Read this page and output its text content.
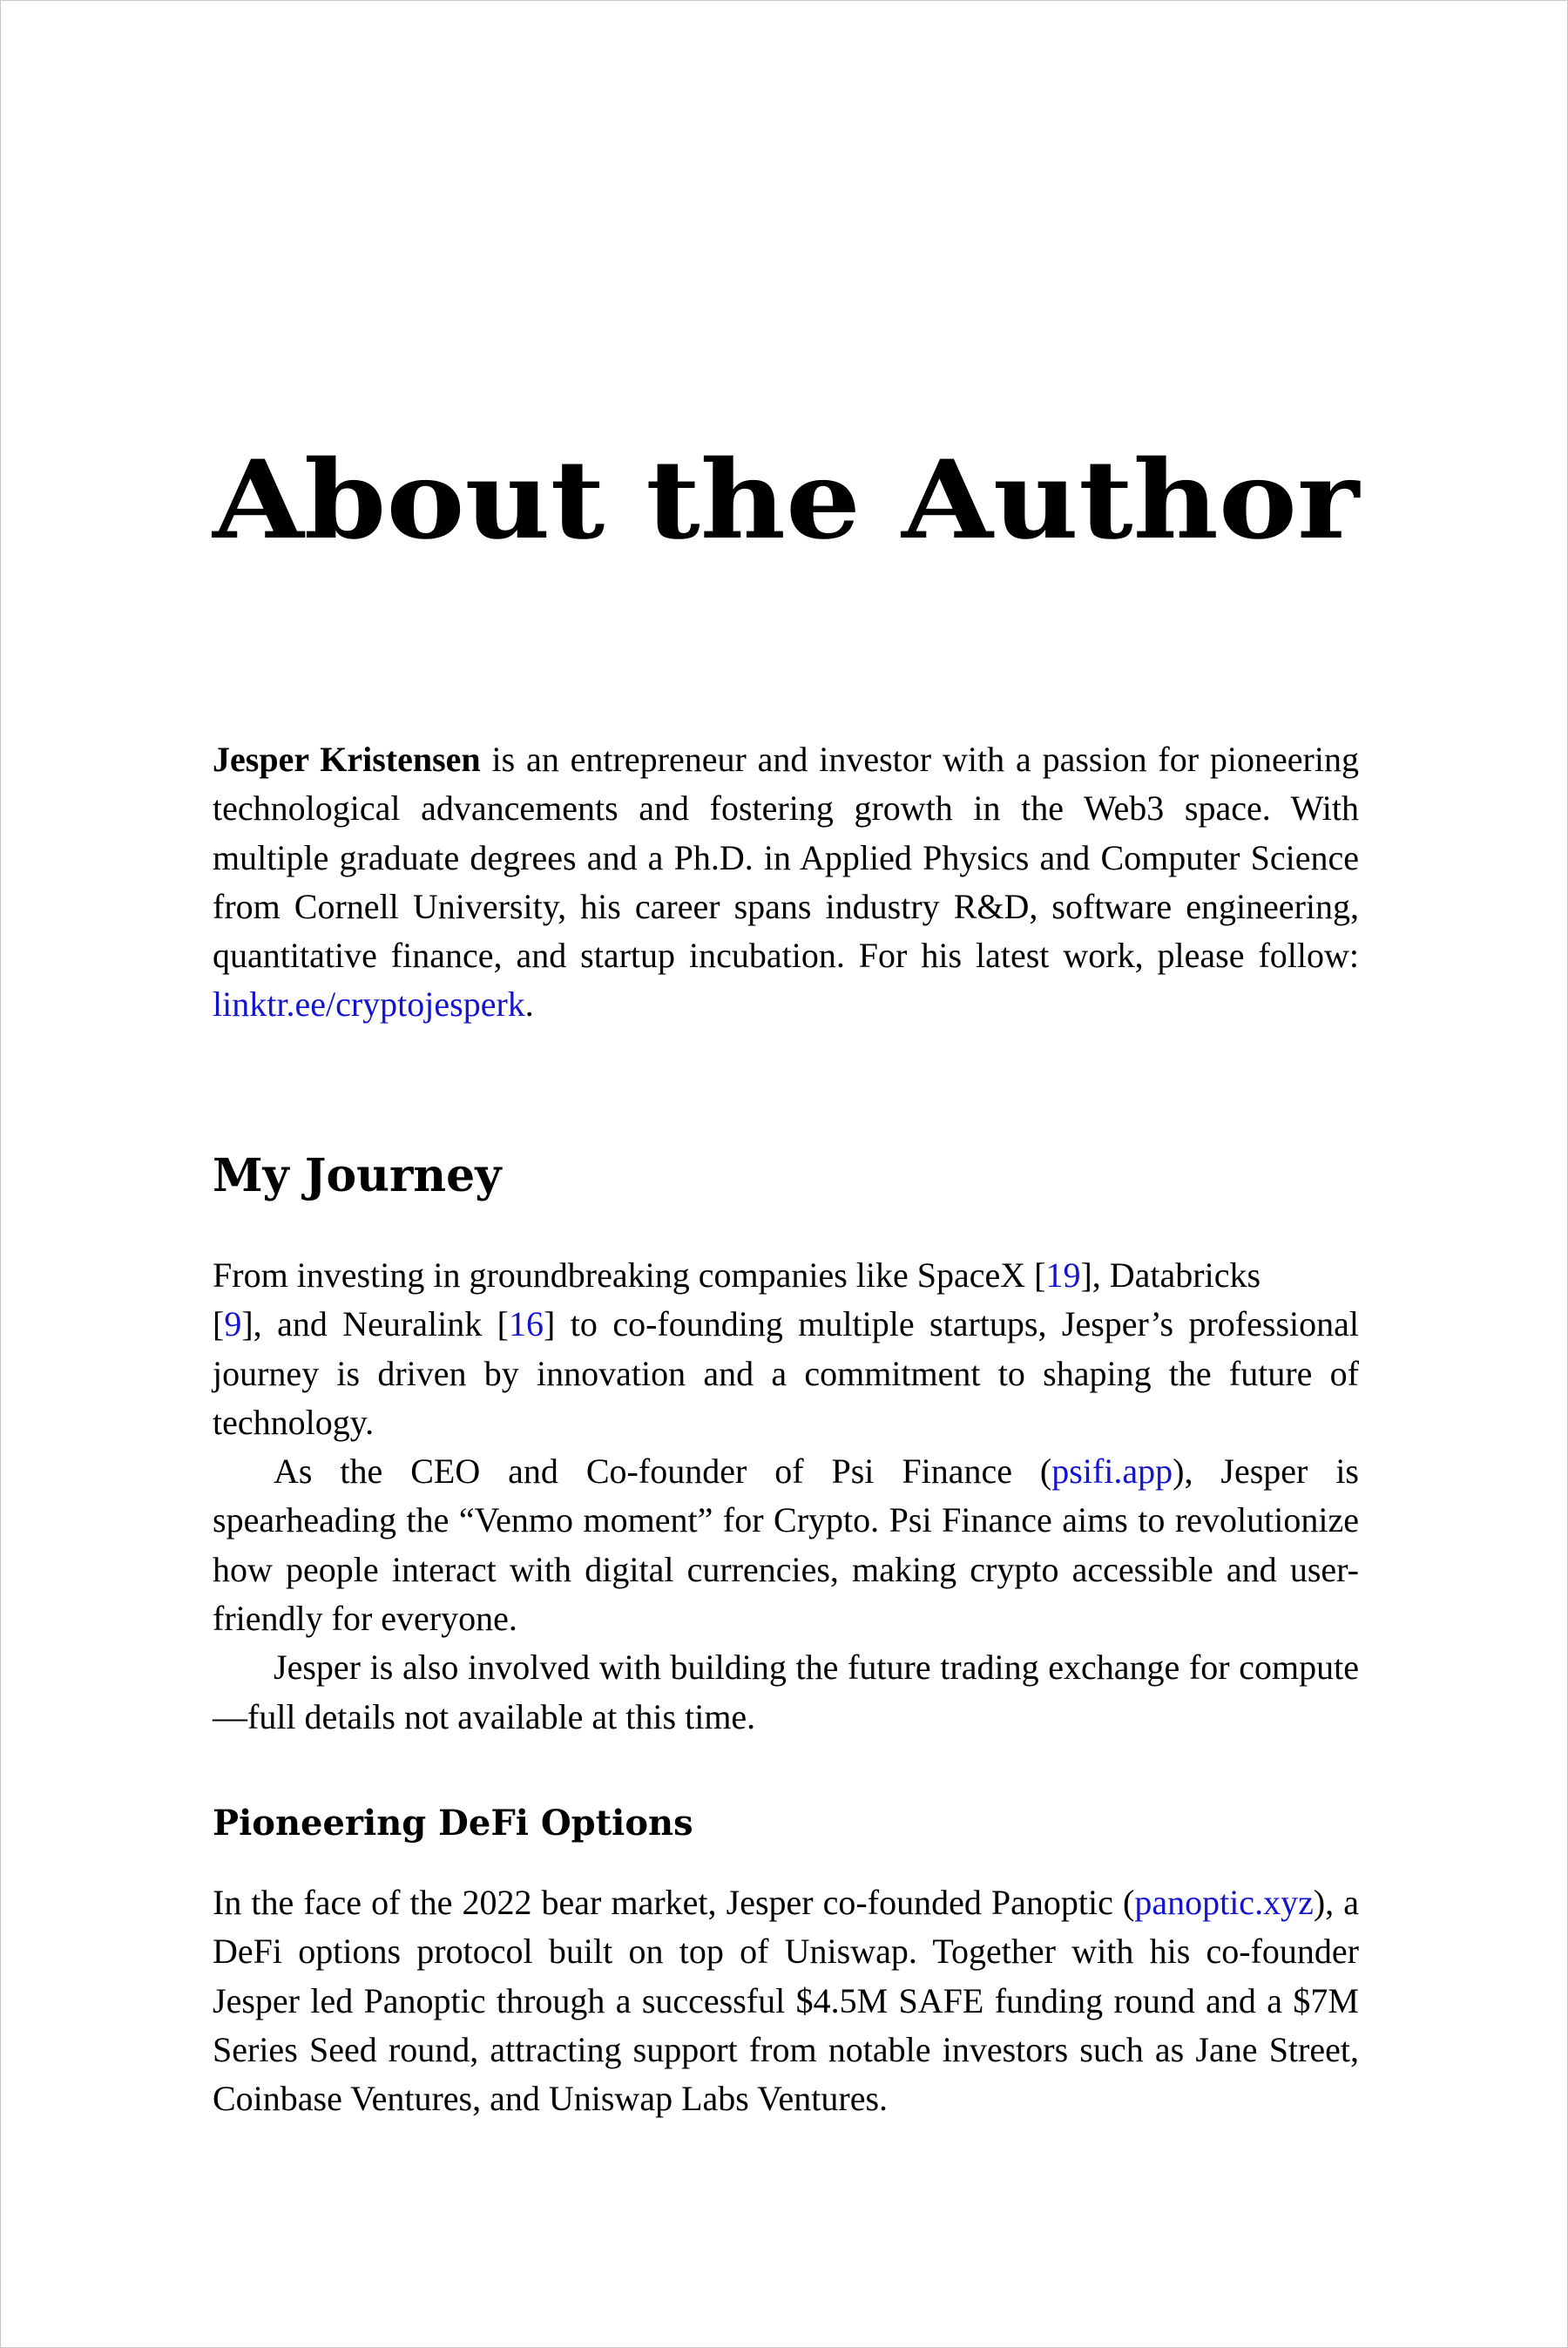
About the Author

Jesper Kristensen is an entrepreneur and investor with a passion for pioneering technological advancements and fostering growth in the Web3 space. With multiple graduate degrees and a Ph.D. in Applied Physics and Computer Science from Cornell University, his career spans industry R&D, software engineering, quantitative finance, and startup incubation. For his latest work, please follow: linktr.ee/cryptojesperk.

My Journey

From investing in groundbreaking companies like SpaceX [19], Databricks
[9], and Neuralink [16] to co-founding multiple startups, Jesper’s professional journey is driven by innovation and a commitment to shaping the future of technology.

As the CEO and Co-founder of Psi Finance (psifi.app), Jesper is spearheading the “Venmo moment” for Crypto. Psi Finance aims to revolutionize how people interact with digital currencies, making crypto accessible and user-friendly for everyone.

Jesper is also involved with building the future trading exchange for compute—full details not available at this time.

Pioneering DeFi Options

In the face of the 2022 bear market, Jesper co-founded Panoptic (panoptic.xyz), a DeFi options protocol built on top of Uniswap. Together with his co-founder Jesper led Panoptic through a successful $4.5M SAFE funding round and a $7M Series Seed round, attracting support from notable investors such as Jane Street, Coinbase Ventures, and Uniswap Labs Ventures.
